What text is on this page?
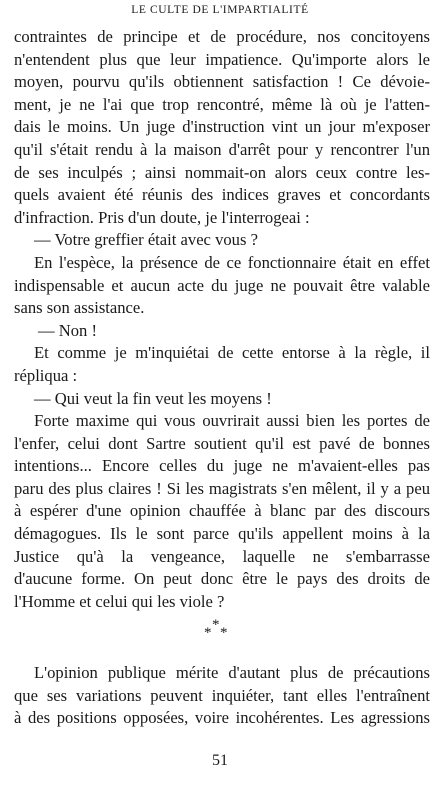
LE CULTE DE L'IMPARTIALITÉ
contraintes de principe et de procédure, nos concitoyens
n'entendent plus que leur impatience. Qu'importe alors le
moyen, pourvu qu'ils obtiennent satisfaction ! Ce dévoie-
ment, je ne l'ai que trop rencontré, même là où je l'atten-
dais le moins. Un juge d'instruction vint un jour m'exposer
qu'il s'était rendu à la maison d'arrêt pour y rencontrer l'un
de ses inculpés ; ainsi nommait-on alors ceux contre les-
quels avaient été réunis des indices graves et concordants
d'infraction. Pris d'un doute, je l'interrogeai :
— Votre greffier était avec vous ?
En l'espèce, la présence de ce fonctionnaire était en effet
indispensable et aucun acte du juge ne pouvait être valable
sans son assistance.
— Non !
Et comme je m'inquiétai de cette entorse à la règle, il
répliqua :
— Qui veut la fin veut les moyens !
Forte maxime qui vous ouvrirait aussi bien les portes de
l'enfer, celui dont Sartre soutient qu'il est pavé de bonnes
intentions... Encore celles du juge ne m'avaient-elles pas
paru des plus claires ! Si les magistrats s'en mêlent, il y a peu
à espérer d'une opinion chauffée à blanc par des discours
démagogues. Ils le sont parce qu'ils appellent moins à la
Justice qu'à la vengeance, laquelle ne s'embarrasse
d'aucune forme. On peut donc être le pays des droits de
l'Homme et celui qui les viole ?
*
* *
L'opinion publique mérite d'autant plus de précautions
que ses variations peuvent inquiéter, tant elles l'entraînent
à des positions opposées, voire incohérentes. Les agressions
51
